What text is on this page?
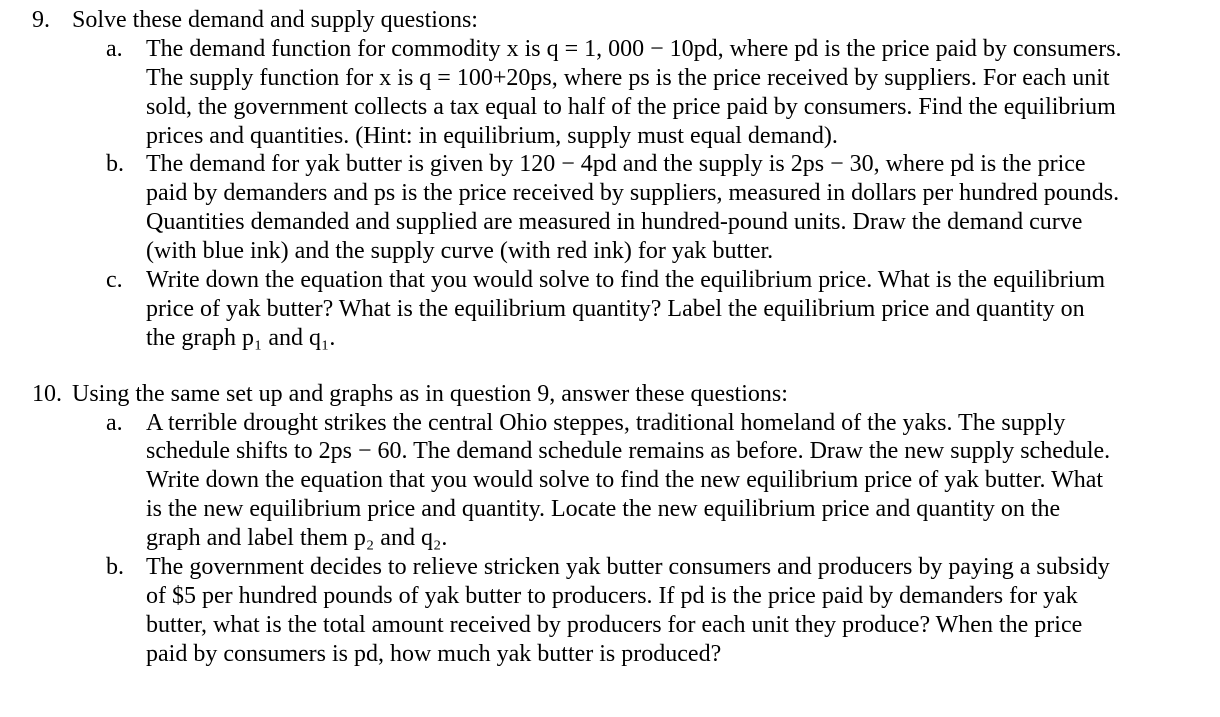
9. Solve these demand and supply questions:
a. The demand function for commodity x is q = 1, 000 − 10pd, where pd is the price paid by consumers.
The supply function for x is q = 100+20ps, where ps is the price received by suppliers. For each unit
sold, the government collects a tax equal to half of the price paid by consumers. Find the equilibrium
prices and quantities. (Hint: in equilibrium, supply must equal demand).
b. The demand for yak butter is given by 120 − 4pd and the supply is 2ps − 30, where pd is the price
paid by demanders and ps is the price received by suppliers, measured in dollars per hundred pounds.
Quantities demanded and supplied are measured in hundred-pound units. Draw the demand curve
(with blue ink) and the supply curve (with red ink) for yak butter.
c. Write down the equation that you would solve to find the equilibrium price. What is the equilibrium
price of yak butter? What is the equilibrium quantity? Label the equilibrium price and quantity on
the graph p₁ and q₁.
10. Using the same set up and graphs as in question 9, answer these questions:
a. A terrible drought strikes the central Ohio steppes, traditional homeland of the yaks. The supply
schedule shifts to 2ps − 60. The demand schedule remains as before. Draw the new supply schedule.
Write down the equation that you would solve to find the new equilibrium price of yak butter. What
is the new equilibrium price and quantity. Locate the new equilibrium price and quantity on the
graph and label them p₂ and q₂.
b. The government decides to relieve stricken yak butter consumers and producers by paying a subsidy
of $5 per hundred pounds of yak butter to producers. If pd is the price paid by demanders for yak
butter, what is the total amount received by producers for each unit they produce? When the price
paid by consumers is pd, how much yak butter is produced?
